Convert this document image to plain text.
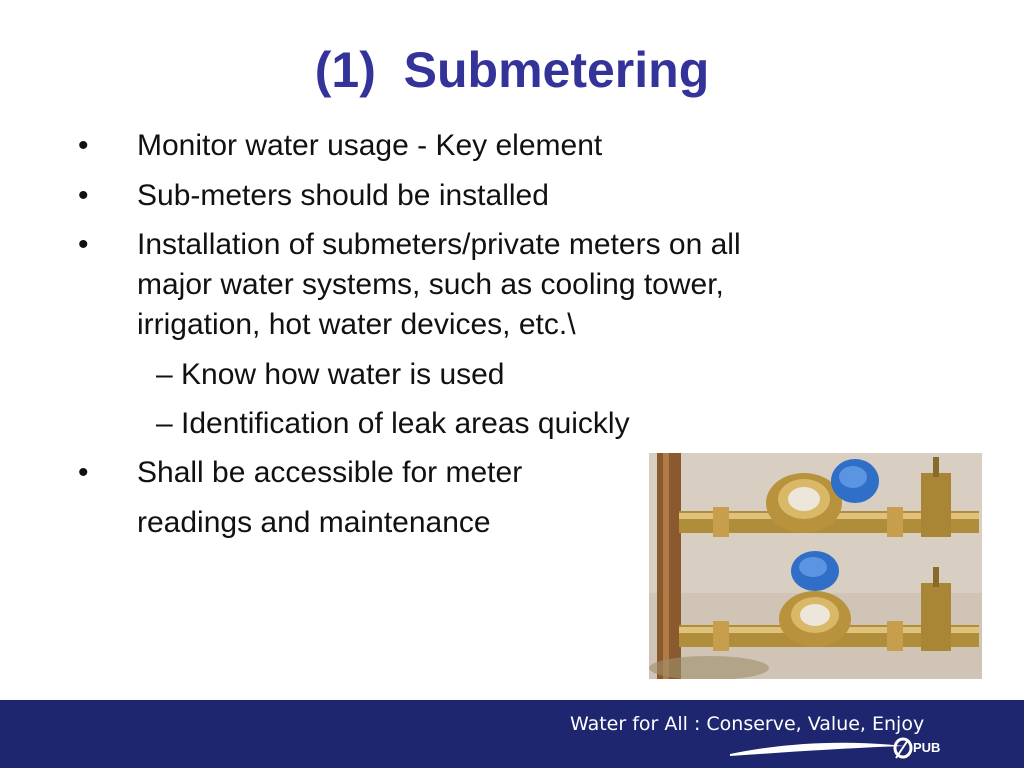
(1)  Submetering
• Monitor water usage - Key element
• Sub-meters should be installed
• Installation of submeters/private meters on all
major water systems, such as cooling tower,
irrigation, hot water devices, etc.\
– Know how water is used
– Identification of leak areas quickly
• Shall be accessible for meter
readings and maintenance
Water for All : Conserve, Value, Enjoy
PUB
